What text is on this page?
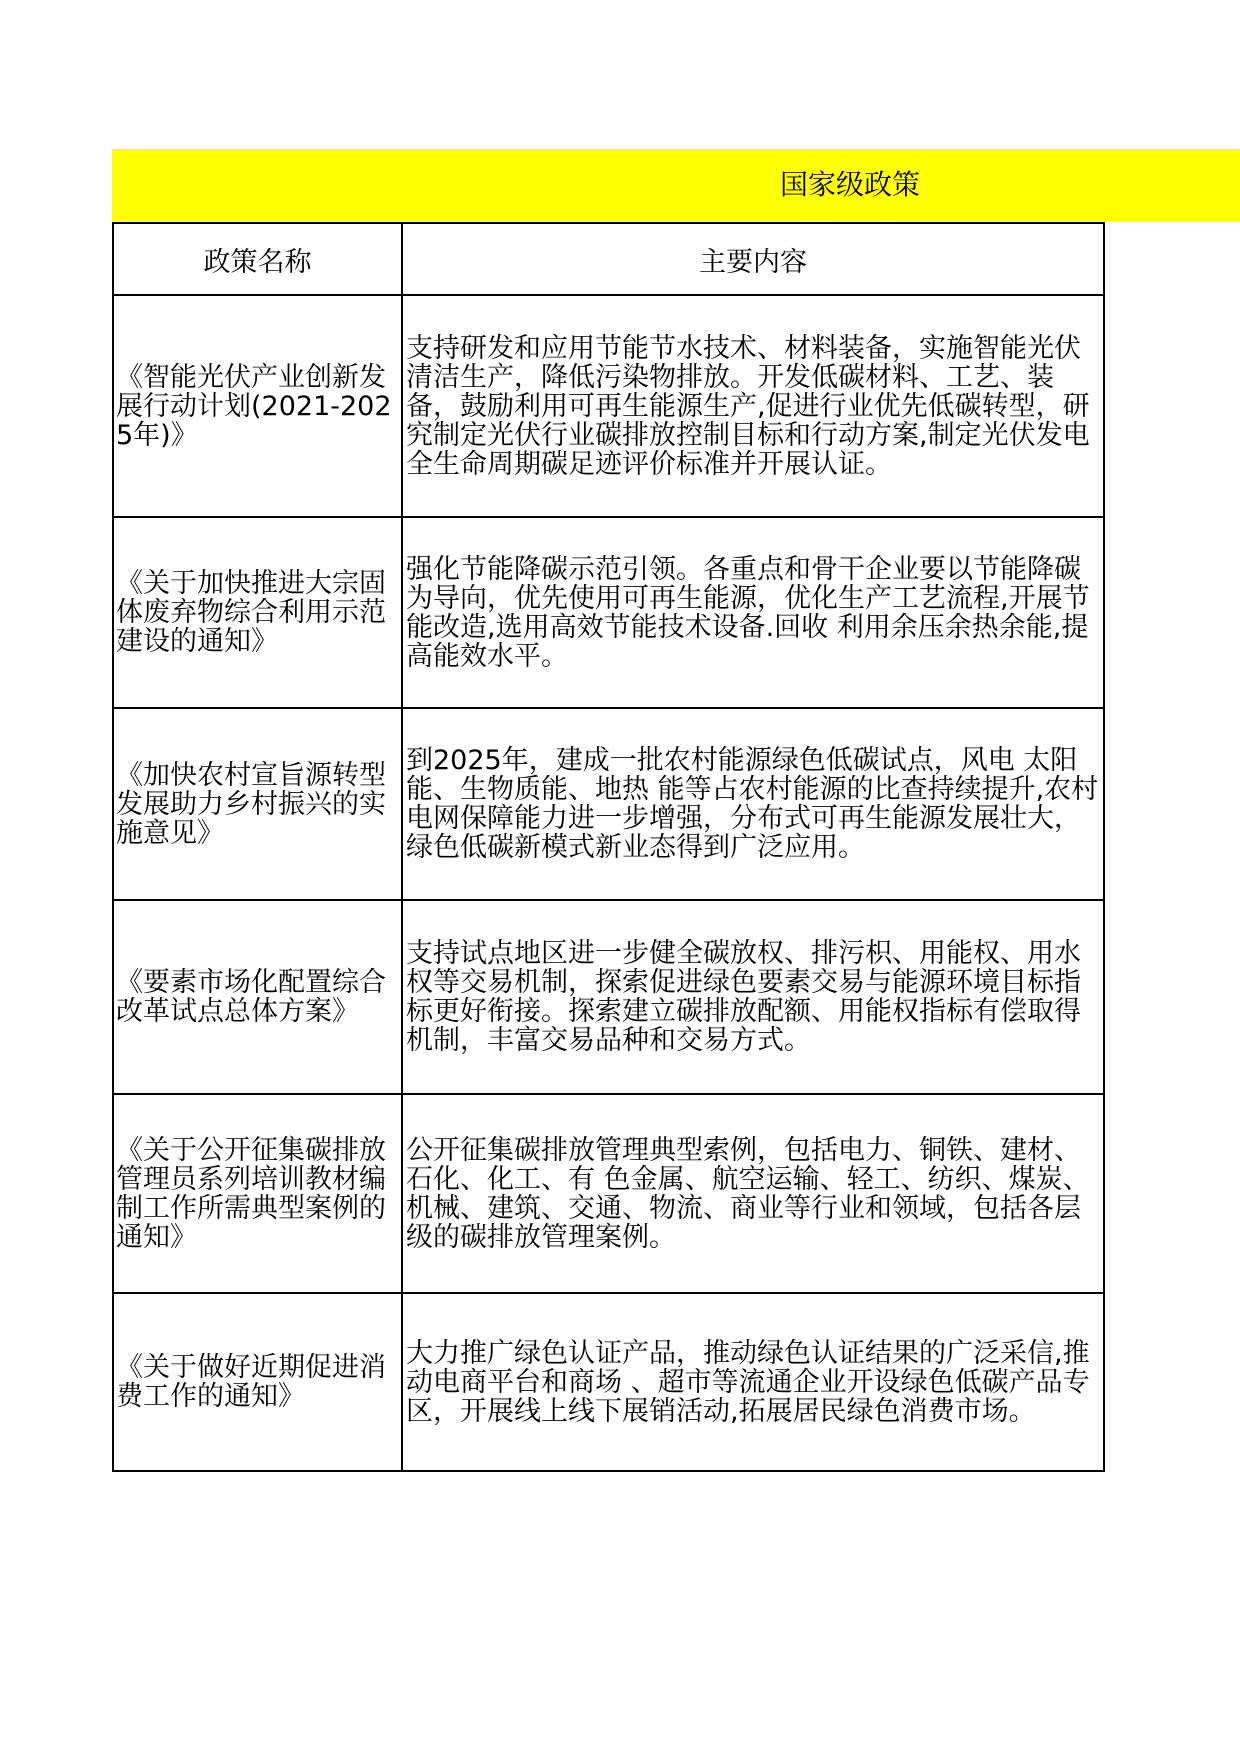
国家级政策
政策名称	主要内容
《智能光伏产业创新发展行动计划(2021-2025年)》	支持研发和应用节能节水技术、材料装备，实施智能光伏清洁生产，降低污染物排放。开发低碳材料、工艺、装备，鼓励利用可再生能源生产,促进行业优先低碳转型，研究制定光伏行业碳排放控制目标和行动方案,制定光伏发电全生命周期碳足迹评价标准并开展认证。
《关于加快推进大宗固体废弃物综合利用示范建设的通知》	强化节能降碳示范引领。各重点和骨干企业要以节能降碳为导向，优先使用可再生能源，优化生产工艺流程,开展节能改造,选用高效节能技术设备.回收 利用余压余热余能,提高能效水平。
《加快农村宣旨源转型发展助力乡村振兴的实施意见》	到2025年，建成一批农村能源绿色低碳试点，风电 太阳能、生物质能、地热 能等占农村能源的比查持续提升,农村电网保障能力进一步增强，分布式可再生能源发展壮大，绿色低碳新模式新业态得到广泛应用。
《要素市场化配置综合改革试点总体方案》	支持试点地区进一步健全碳放权、排污枳、用能权、用水权等交易机制，探索促进绿色要素交易与能源环境目标指标更好衔接。探索建立碳排放配额、用能权指标有偿取得机制，丰富交易品种和交易方式。
《关于公开征集碳排放管理员系列培训教材编制工作所需典型案例的通知》	公开征集碳排放管理典型索例，包括电力、铜铁、建材、石化、化工、有 色金属、航空运输、轻工、纺织、煤炭、机械、建筑、交通、物流、商业等行业和领域，包括各层级的碳排放管理案例。
《关于做好近期促进消费工作的通知》	大力推广绿色认证产品，推动绿色认证结果的广泛采信,推动电商平台和商场 、超市等流通企业开设绿色低碳产品专区，开展线上线下展销活动,拓展居民绿色消费市场。
